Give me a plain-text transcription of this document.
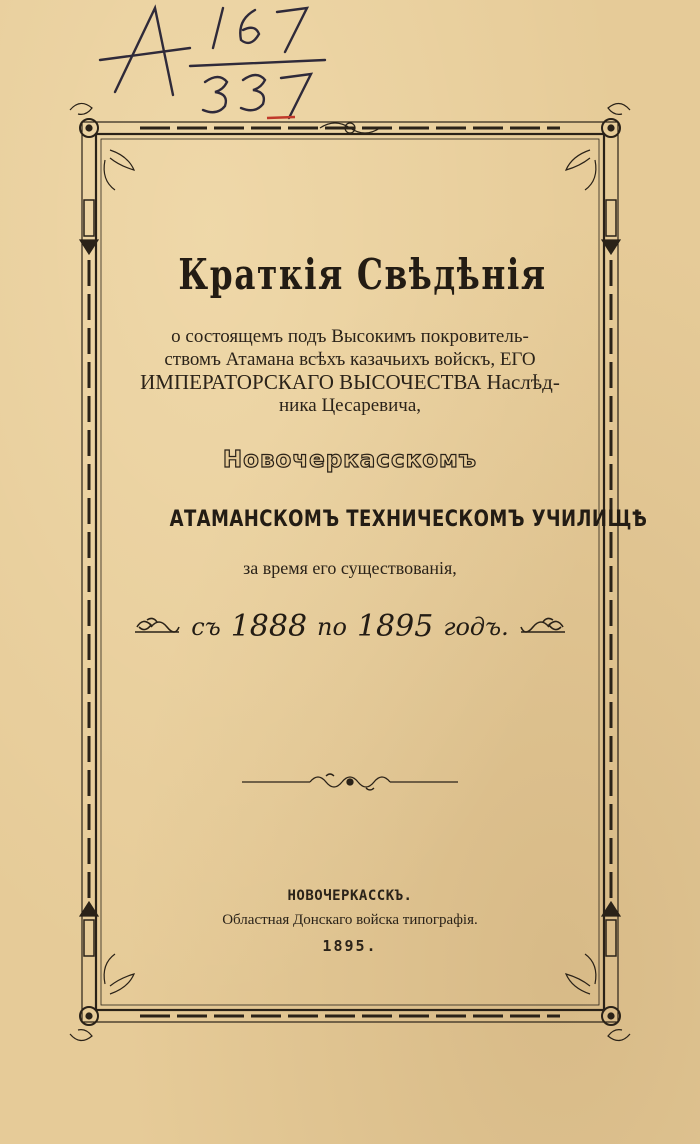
Краткія Свѣдѣнія
о состоящемъ подъ Высокимъ покровитель-
ствомъ Атамана всѣхъ казачьихъ войскъ, ЕГО
ИМПЕРАТОРСКАГО ВЫСОЧЕСТВА Наслѣд-
ника Цесаревича,
Новочеркасскомъ
АТАМАНСКОМЪ ТЕХНИЧЕСКОМЪ УЧИЛИЩѢ
за время его существованія,
съ 1888 по 1895 годъ.
НОВОЧЕРКАССКЪ.
Областная Донскаго войска типографія.
1895.
